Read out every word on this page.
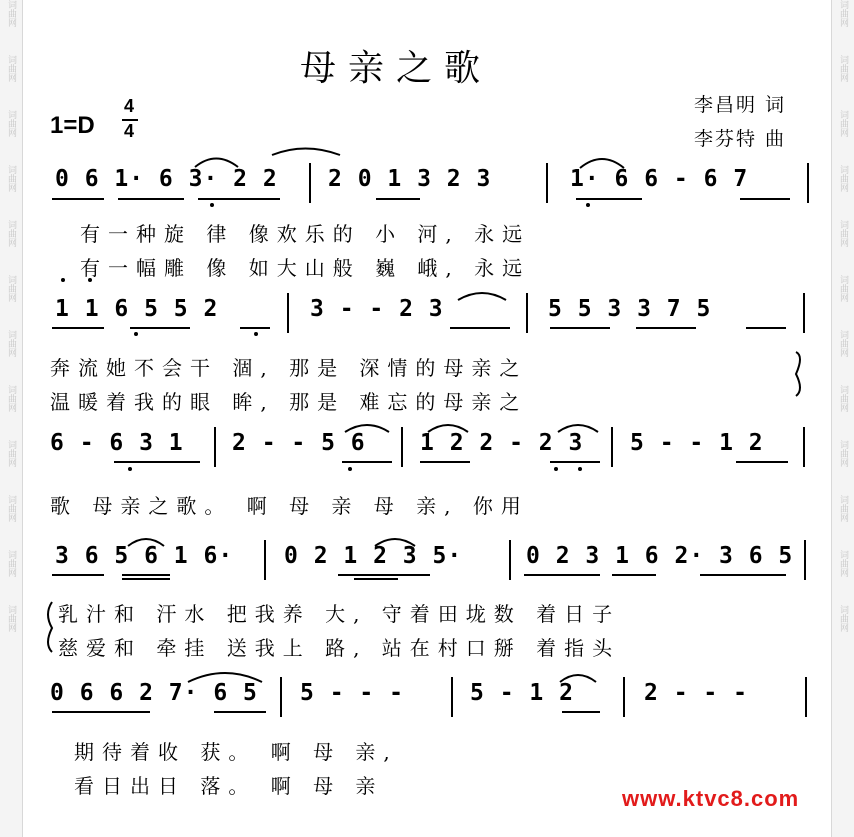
词曲网
词曲网
词曲网
词曲网
词曲网
词曲网
词曲网
词曲网
词曲网
词曲网
词曲网
词曲网
词曲网
词曲网
词曲网
词曲网
词曲网
词曲网
词曲网
词曲网
词曲网
词曲网
词曲网
词曲网
母亲之歌
李昌明 词
李芬特 曲
1=D
4
4
0 6 1· 6 3· 2 2 2 0 1 3 2 3	1· 6 6 - 6 7
有一种旋 律 像欢乐的 小 河, 永远
有一幅雕 像 如大山般 巍 峨, 永远
1 1 6 5 5 2	3 - - 2 3	5 5 3 3 7 5
奔流她不会干 涸, 那是 深情的母亲之
温暖着我的眼 眸, 那是 难忘的母亲之
6 - 6 3 1 2 - - 5 6 1 2 2 - 2 3 5 - - 1 2
歌 母亲之歌。 啊 母 亲 母 亲, 你用
3 6 5 6 1 6· 0 2 1 2 3 5·	0 2 3 1 6 2· 3 6 5
乳汁和 汗水 把我养 大, 守着田垅数 着日子
慈爱和 牵挂 送我上 路, 站在村口掰 着指头
0 6 6 2 7· 6 5 5 - - -	5 - 1 2	2 - - -
期待着收 获。 啊 母 亲,
看日出日 落。 啊 母 亲	www.ktvc8.com
